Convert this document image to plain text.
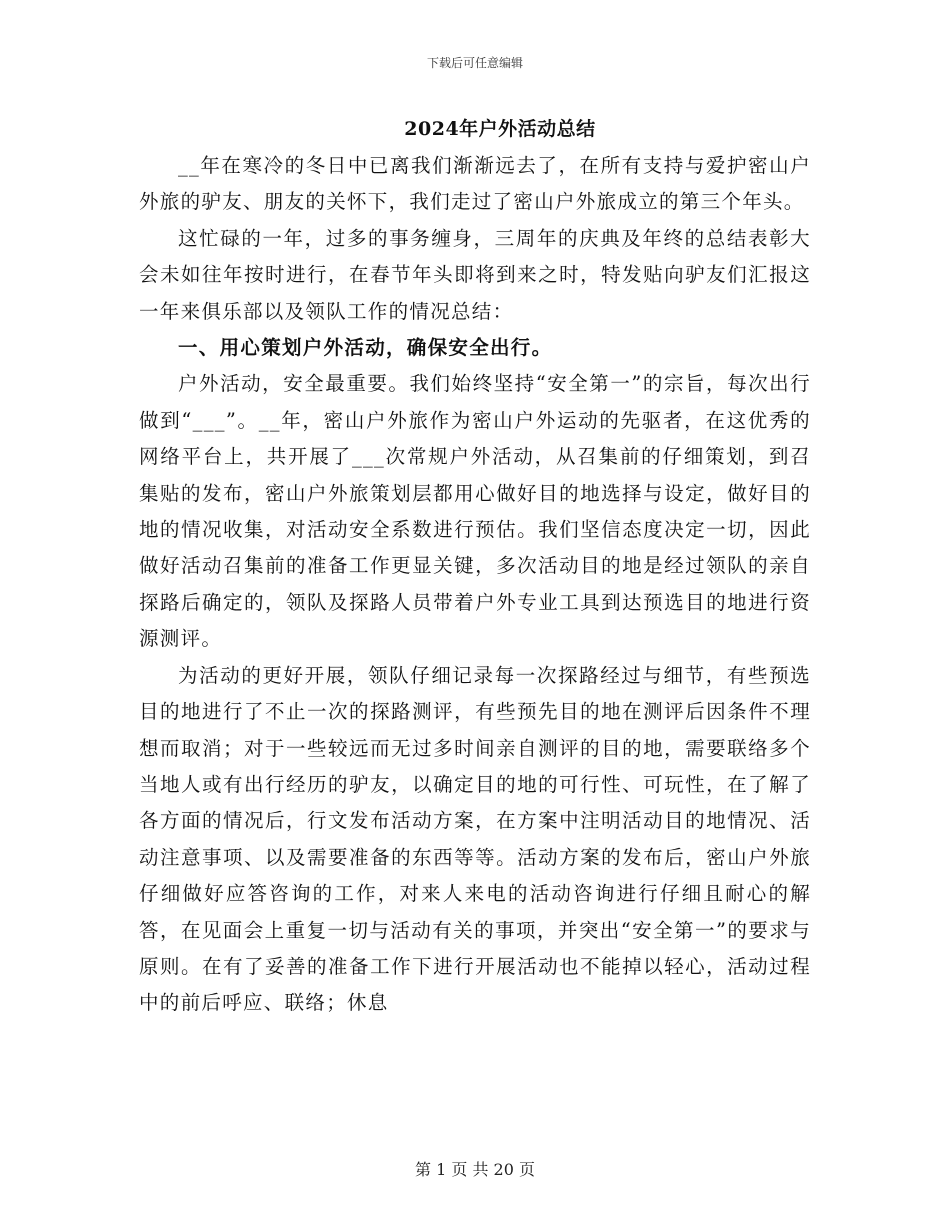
下载后可任意编辑
2024年户外活动总结

__年在寒冷的冬日中已离我们渐渐远去了，在所有支持与爱护密山户外旅的驴友、朋友的关怀下，我们走过了密山户外旅成立的第三个年头。

这忙碌的一年，过多的事务缠身，三周年的庆典及年终的总结表彰大会未如往年按时进行，在春节年头即将到来之时，特发贴向驴友们汇报这一年来俱乐部以及领队工作的情况总结：

一、用心策划户外活动，确保安全出行。

户外活动，安全最重要。我们始终坚持“安全第一”的宗旨，每次出行做到“___”。__年，密山户外旅作为密山户外运动的先驱者，在这优秀的网络平台上，共开展了___次常规户外活动，从召集前的仔细策划，到召集贴的发布，密山户外旅策划层都用心做好目的地选择与设定，做好目的地的情况收集，对活动安全系数进行预估。我们坚信态度决定一切，因此做好活动召集前的准备工作更显关键，多次活动目的地是经过领队的亲自探路后确定的，领队及探路人员带着户外专业工具到达预选目的地进行资源测评。

为活动的更好开展，领队仔细记录每一次探路经过与细节，有些预选目的地进行了不止一次的探路测评，有些预先目的地在测评后因条件不理想而取消；对于一些较远而无过多时间亲自测评的目的地，需要联络多个当地人或有出行经历的驴友，以确定目的地的可行性、可玩性，在了解了各方面的情况后，行文发布活动方案，在方案中注明活动目的地情况、活动注意事项、以及需要准备的东西等等。活动方案的发布后，密山户外旅仔细做好应答咨询的工作，对来人来电的活动咨询进行仔细且耐心的解答，在见面会上重复一切与活动有关的事项，并突出“安全第一”的要求与原则。在有了妥善的准备工作下进行开展活动也不能掉以轻心，活动过程中的前后呼应、联络；休息

第 1 页 共 20 页
